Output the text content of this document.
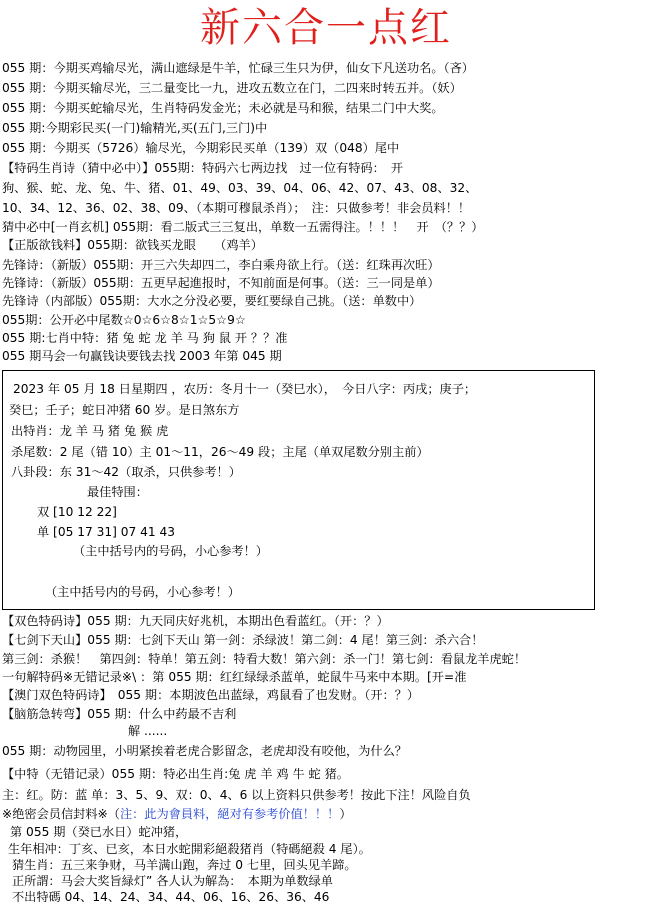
新六合一点红
055 期：今期买鸡输尽光，满山遮绿是牛羊，忙碌三生只为伊，仙女下凡送功名。（吝）
055 期：今期买输尽光，三二量变比一九，进攻五数立在门，二四来时转五并。（妖）
055 期：今期买蛇输尽光，生肖特码发金光；未必就是马和猴，结果二门中大奖。
055 期:今期彩民买(一门)输精光,买(五门,三门)中
055 期：今期买（5726）输尽光，今期彩民买单（139）双（048）尾中
【特码生肖诗（猜中必中）】055期：特码六七两边找　过一位有特码：　开
狗、猴、蛇、龙、兔、牛、猪、01、49、03、39、04、06、42、07、43、08、32、
10、34、12、36、02、38、09、（本期可穆鼠杀肖）；　注：只做参考！非会员料！！
猜中必中[一肖玄机] 055期：看二版式三三复出，单数一五需得注。！！！　开　（？？）
【正版欲钱料】055期：欲钱买龙眼　　（鸡羊）
先锋诗：（新版）055期：开三六失却四二，李白乘舟欲上行。（送：红珠再次旺）
先锋诗：（新版）055期：五更早起進报时，不知前面是何事。（送：三一同是单）
先锋诗（内部版）055期：大水之分没必要，要红要绿自己挑。（送：单数中）
055期：公开必中尾数☆0☆6☆8☆1☆5☆9☆
055 期:七肖中特：猪 兔 蛇 龙 羊 马 狗 鼠 开 ？？准
055 期马会一句赢钱诀要钱去找 2003 年第 045 期
2023 年 05 月 18 日星期四 ，农历：冬月十一（癸巳水），　今日八字：丙戌；庚子；
癸巳；壬子；蛇日冲猪 60 岁。是日煞东方
出特肖：龙 羊 马 猪 兔 猴 虎
杀尾数：2 尾（错 10）主 01～11，26～49 段；主尾（单双尾数分别主前）
八卦段：东 31～42（取杀，只供参考！）
最佳特围：
双 [10 12 22]
单 [05 17 31] 07 41 43
（主中括号内的号码，小心参考！）
（主中括号内的号码，小心参考！）
【双色特码诗】055 期：九天同庆好兆机，本期出色看蓝红。（开：？）
【七剑下天山】055 期：七剑下天山 第一剑：杀绿波！第二剑：4 尾！第三剑：杀六合！
第三剑：杀猴！　第四剑：特单！第五剑：特看大数！第六剑：杀一门！第七剑：看鼠龙羊虎蛇！
一句解特码※无错记录※\ ：第 055 期：红红绿绿杀蓝单，蛇鼠牛马来中本期。[开=准
【澳门双色特码诗】　055 期：本期波色出蓝绿，鸡鼠看了也发财。（开：？）
【脑筋急转弯】055 期：什么中药最不吉利
解 ......
055 期：动物园里，小明紧挨着老虎合影留念，老虎却没有咬他，为什么？
【中特（无错记录）055 期：特必出生肖:兔 虎 羊 鸡 牛 蛇 猪。
主：红。防：蓝 单：3、5、9、双：0、4、6 以上资料只供参考！按此下注！风险自负
※绝密会员信封料※（注：此为會員料，絕对有参考价值！！！）
第 055 期（癸已水日）蛇冲猪，
生年相冲：丁亥、已亥，本日水蛇開彩絕殺猪肖（特碼絕殺 4 尾）。
猜生肖：五三来争财，马羊满山跑，奔过 0 七里，回头见羊蹄。
正所謂：马会大奖旨緑灯” 各人认为解為：　本期为单数绿单
不出特碼 04、14、24、34、44、06、16、26、36、46
